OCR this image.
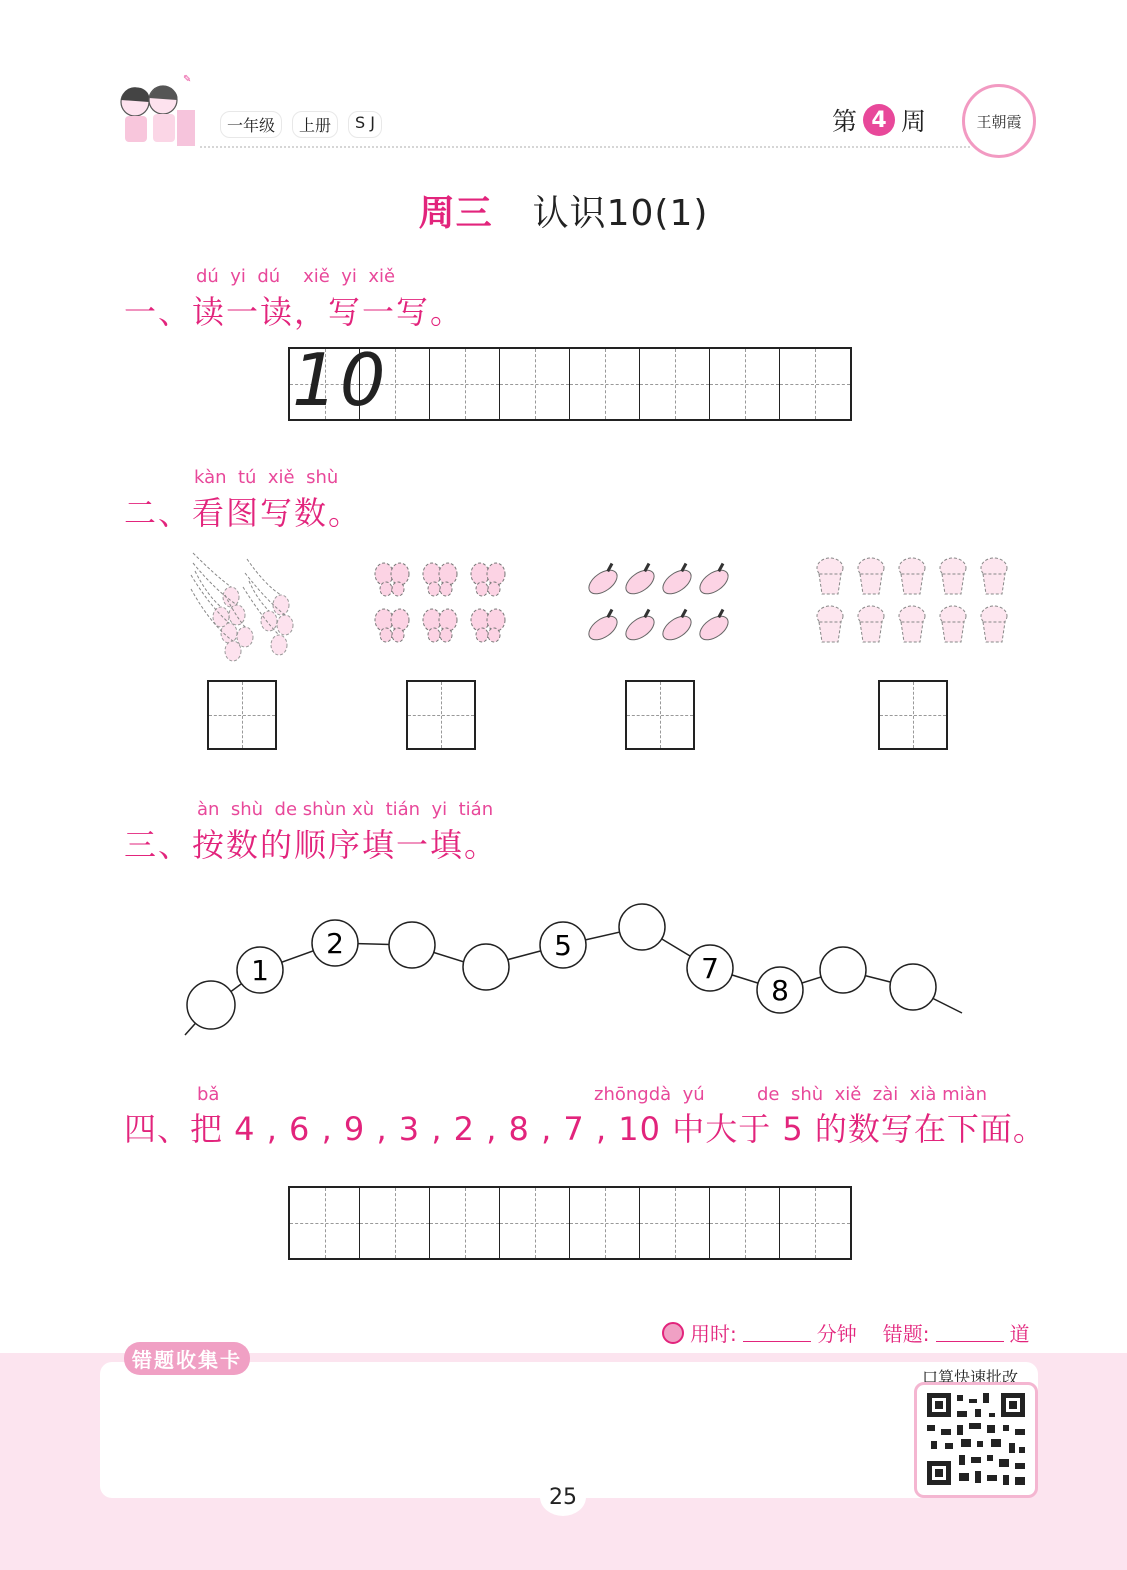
✎
一年级	上册	S J	第 4 周	王朝霞
周三 认识10(1)
dú  yi  dú    xiě  yi  xiě
一、读一读，写一写。
10
kàn  tú  xiě  shù
二、看图写数。
àn  shù  de shùn xù  tián  yi  tián
三、按数的顺序填一填。
1
2	5
7
8
bǎ	zhōngdà  yú	de  shù  xiě  zài  xià miàn
四、把 4 , 6 , 9 , 3 , 2 , 8 , 7 , 10 中大于 5 的数写在下面。
用时:	分钟 错题:	道
错题收集卡
口算快速批改
25
